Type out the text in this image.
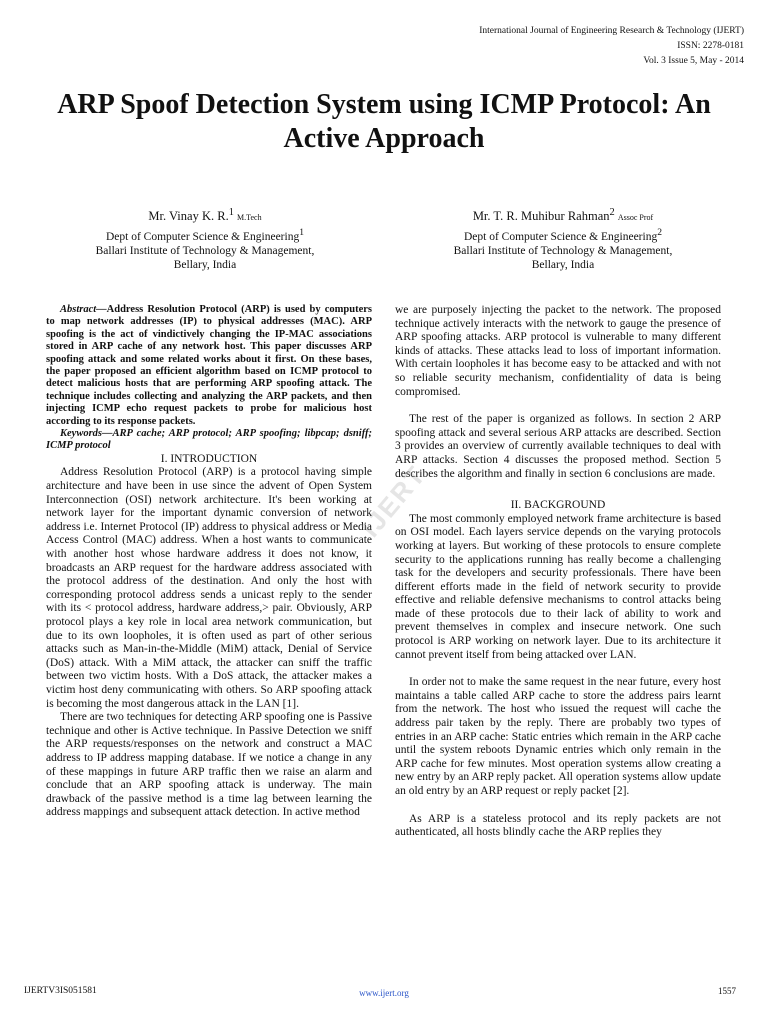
International Journal of Engineering Research & Technology (IJERT)
ISSN: 2278-0181
Vol. 3 Issue 5, May - 2014
ARP Spoof Detection System using ICMP Protocol: An Active Approach
Mr. Vinay K. R.$^1$ M.Tech
Dept of Computer Science & Engineering$^1$
Ballari Institute of Technology & Management,
Bellary, India
Mr. T. R. Muhibur Rahman$^2$ Assoc Prof
Dept of Computer Science & Engineering$^2$
Ballari Institute of Technology & Management,
Bellary, India

Abstract—Address Resolution Protocol (ARP) is used by computers to map network addresses (IP) to physical addresses (MAC). ARP spoofing is the act of vindictively changing the IP-MAC associations stored in ARP cache of any network host. This paper discusses ARP spoofing attack and some related works about it first. On these bases, the paper proposed an efficient algorithm based on ICMP protocol to detect malicious hosts that are performing ARP spoofing attack. The technique includes collecting and analyzing the ARP packets, and then injecting ICMP echo request packets to probe for malicious host according to its response packets.

Keywords—ARP cache; ARP protocol; ARP spoofing; libpcap; dsniff; ICMP protocol

I. INTRODUCTION

Address Resolution Protocol (ARP) is a protocol having simple architecture and have been in use since the advent of Open System Interconnection (OSI) network architecture. It's been working at network layer for the important dynamic conversion of network address i.e. Internet Protocol (IP) address to physical address or Media Access Control (MAC) address. When a host wants to communicate with another host whose hardware address it does not know, it broadcasts an ARP request for the hardware address associated with the protocol address of the destination. And only the host with corresponding protocol address sends a unicast reply to the sender with its < protocol address, hardware address,> pair. Obviously, ARP protocol plays a key role in local area network communication, but due to its own loopholes, it is often used as part of other serious attacks such as Man-in-the-Middle (MiM) attack, Denial of Service (DoS) attack. With a MiM attack, the attacker can sniff the traffic between two victim hosts. With a DoS attack, the attacker makes a victim host deny communicating with others. So ARP spoofing attack is becoming the most dangerous attack in the LAN [1].

There are two techniques for detecting ARP spoofing one is Passive technique and other is Active technique. In Passive Detection we sniff the ARP requests/responses on the network and construct a MAC address to IP address mapping database. If we notice a change in any of these mappings in future ARP traffic then we raise an alarm and conclude that an ARP spoofing attack is underway. The main drawback of the passive method is a time lag between learning the address mappings and subsequent attack detection. In active method

we are purposely injecting the packet to the network. The proposed technique actively interacts with the network to gauge the presence of ARP spoofing attacks. ARP protocol is vulnerable to many different kinds of attacks. These attacks lead to loss of important information. With certain loopholes it has become easy to be attacked and with not so reliable security mechanism, confidentiality of data is being compromised.

The rest of the paper is organized as follows. In section 2 ARP spoofing attack and several serious ARP attacks are described. Section 3 provides an overview of currently available techniques to deal with ARP attacks. Section 4 discusses the proposed method. Section 5 describes the algorithm and finally in section 6 conclusions are made.

II. BACKGROUND

The most commonly employed network frame architecture is based on OSI model. Each layers service depends on the varying protocols working at layers. But working of these protocols to ensure complete security to the applications running has really become a challenging task for the developers and security professionals. There have been different efforts made in the field of network security to provide effective and reliable defensive mechanisms to control attacks being made of these protocols due to their lack of ability to work and prevent themselves in complex and insecure network. One such protocol is ARP working on network layer. Due to its architecture it cannot prevent itself from being attacked over LAN.

In order not to make the same request in the near future, every host maintains a table called ARP cache to store the address pairs learnt from the network. The host who issued the request will cache the address pair taken by the reply. There are probably two types of entries in an ARP cache: Static entries which remain in the ARP cache until the system reboots Dynamic entries which only remain in the ARP cache for few minutes. Most operation systems allow creating a new entry by an ARP reply packet. All operation systems allow update an old entry by an ARP request or reply packet [2].

As ARP is a stateless protocol and its reply packets are not authenticated, all hosts blindly cache the ARP replies they

IJERT
IJERTV3IS051581	www.ijert.org	1557
